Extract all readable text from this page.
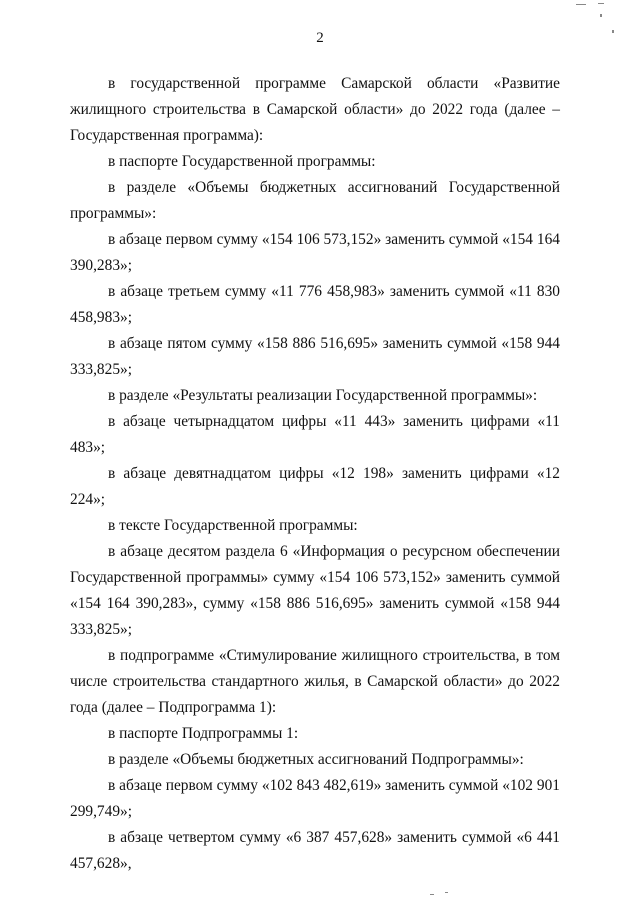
2

в государственной программе Самарской области «Развитие жилищного строительства в Самарской области» до 2022 года (далее – Государственная программа):

в паспорте Государственной программы:

в разделе «Объемы бюджетных ассигнований Государственной программы»:

в абзаце первом сумму «154 106 573,152» заменить суммой «154 164 390,283»;

в абзаце третьем сумму «11 776 458,983» заменить суммой «11 830 458,983»;

в абзаце пятом сумму «158 886 516,695» заменить суммой «158 944 333,825»;

в разделе «Результаты реализации Государственной программы»:

в абзаце четырнадцатом цифры «11 443» заменить цифрами «11 483»;

в абзаце девятнадцатом цифры «12 198» заменить цифрами «12 224»;

в тексте Государственной программы:

в абзаце десятом раздела 6 «Информация о ресурсном обеспечении Государственной программы» сумму «154 106 573,152» заменить суммой «154 164 390,283», сумму «158 886 516,695» заменить суммой «158 944 333,825»;

в подпрограмме «Стимулирование жилищного строительства, в том числе строительства стандартного жилья, в Самарской области» до 2022 года (далее – Подпрограмма 1):

в паспорте Подпрограммы 1:

в разделе «Объемы бюджетных ассигнований Подпрограммы»:

в абзаце первом сумму «102 843 482,619» заменить суммой «102 901 299,749»;

в абзаце четвертом сумму «6 387 457,628» заменить суммой «6 441 457,628»,
